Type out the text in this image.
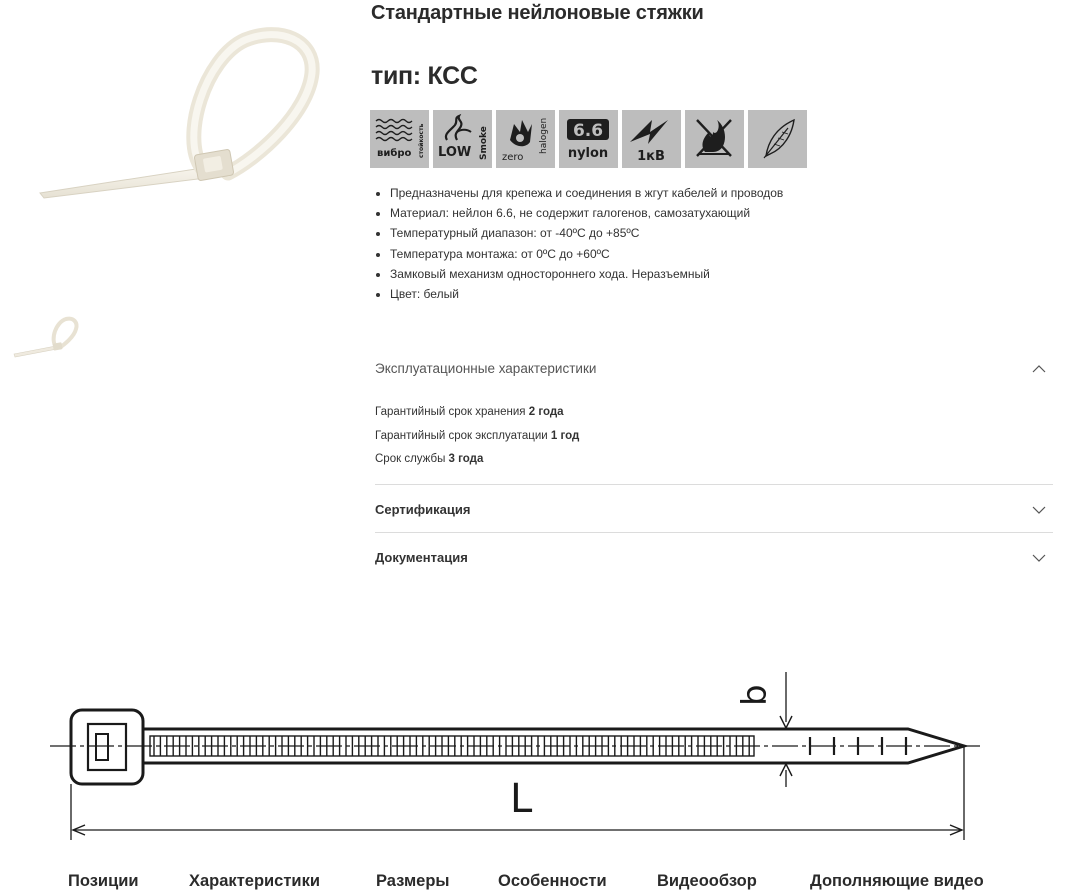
Стандартные нейлоновые стяжки
тип: КСС
вибро стойкость LOW Smoke zero
halogen 6.6
nylon 1кВ
• Предназначены для крепежа и соединения в жгут кабелей и проводов
• Материал: нейлон 6.6, не содержит галогенов, самозатухающий
• Температурный диапазон: от -40ºС до +85ºС
• Температура монтажа: от 0ºС до +60ºС
• Замковый механизм одностороннего хода. Неразъемный
• Цвет: белый
Эксплуатационные характеристики
Гарантийный срок хранения 2 года
Гарантийный срок эксплуатации 1 год
Срок службы 3 года
Сертификация
Документация
b
L
Позиции	Характеристики	Размеры	Особенности	Видеообзор	Дополняющие видео
